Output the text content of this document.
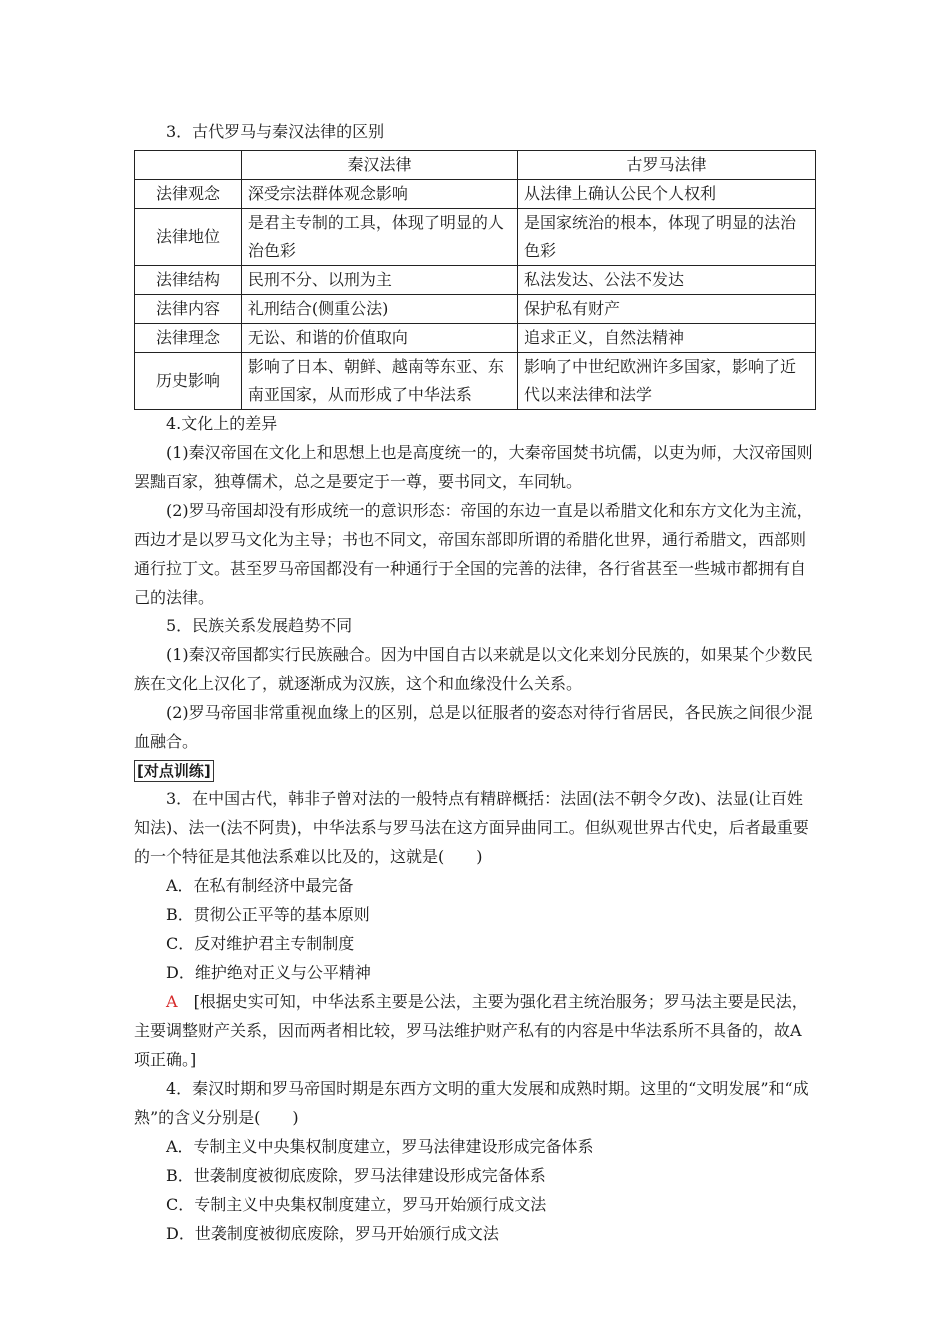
3．古代罗马与秦汉法律的区别

	秦汉法律	古罗马法律
法律观念	深受宗法群体观念影响	从法律上确认公民个人权利
法律地位	是君主专制的工具，体现了明显的人治色彩	是国家统治的根本，体现了明显的法治色彩
法律结构	民刑不分、以刑为主	私法发达、公法不发达
法律内容	礼刑结合(侧重公法)	保护私有财产
法律理念	无讼、和谐的价值取向	追求正义，自然法精神
历史影响	影响了日本、朝鲜、越南等东亚、东南亚国家，从而形成了中华法系	影响了中世纪欧洲许多国家，影响了近代以来法律和法学

4.文化上的差异

(1)秦汉帝国在文化上和思想上也是高度统一的，大秦帝国焚书坑儒，以吏为师，大汉帝国则罢黜百家，独尊儒术，总之是要定于一尊，要书同文，车同轨。

(2)罗马帝国却没有形成统一的意识形态：帝国的东边一直是以希腊文化和东方文化为主流，西边才是以罗马文化为主导；书也不同文，帝国东部即所谓的希腊化世界，通行希腊文，西部则通行拉丁文。甚至罗马帝国都没有一种通行于全国的完善的法律，各行省甚至一些城市都拥有自己的法律。

5．民族关系发展趋势不同

(1)秦汉帝国都实行民族融合。因为中国自古以来就是以文化来划分民族的，如果某个少数民族在文化上汉化了，就逐渐成为汉族，这个和血缘没什么关系。

(2)罗马帝国非常重视血缘上的区别，总是以征服者的姿态对待行省居民，各民族之间很少混血融合。

[对点训练]

3．在中国古代，韩非子曾对法的一般特点有精辟概括：法固(法不朝令夕改)、法显(让百姓知法)、法一(法不阿贵)，中华法系与罗马法在这方面异曲同工。但纵观世界古代史，后者最重要的一个特征是其他法系难以比及的，这就是(　　)

A．在私有制经济中最完备

B．贯彻公正平等的基本原则

C．反对维护君主专制制度

D．维护绝对正义与公平精神

A　[根据史实可知，中华法系主要是公法，主要为强化君主统治服务；罗马法主要是民法，主要调整财产关系，因而两者相比较，罗马法维护财产私有的内容是中华法系所不具备的，故A项正确。]

4．秦汉时期和罗马帝国时期是东西方文明的重大发展和成熟时期。这里的“文明发展”和“成熟”的含义分别是(　　)

A．专制主义中央集权制度建立，罗马法律建设形成完备体系

B．世袭制度被彻底废除，罗马法律建设形成完备体系

C．专制主义中央集权制度建立，罗马开始颁行成文法

D．世袭制度被彻底废除，罗马开始颁行成文法
